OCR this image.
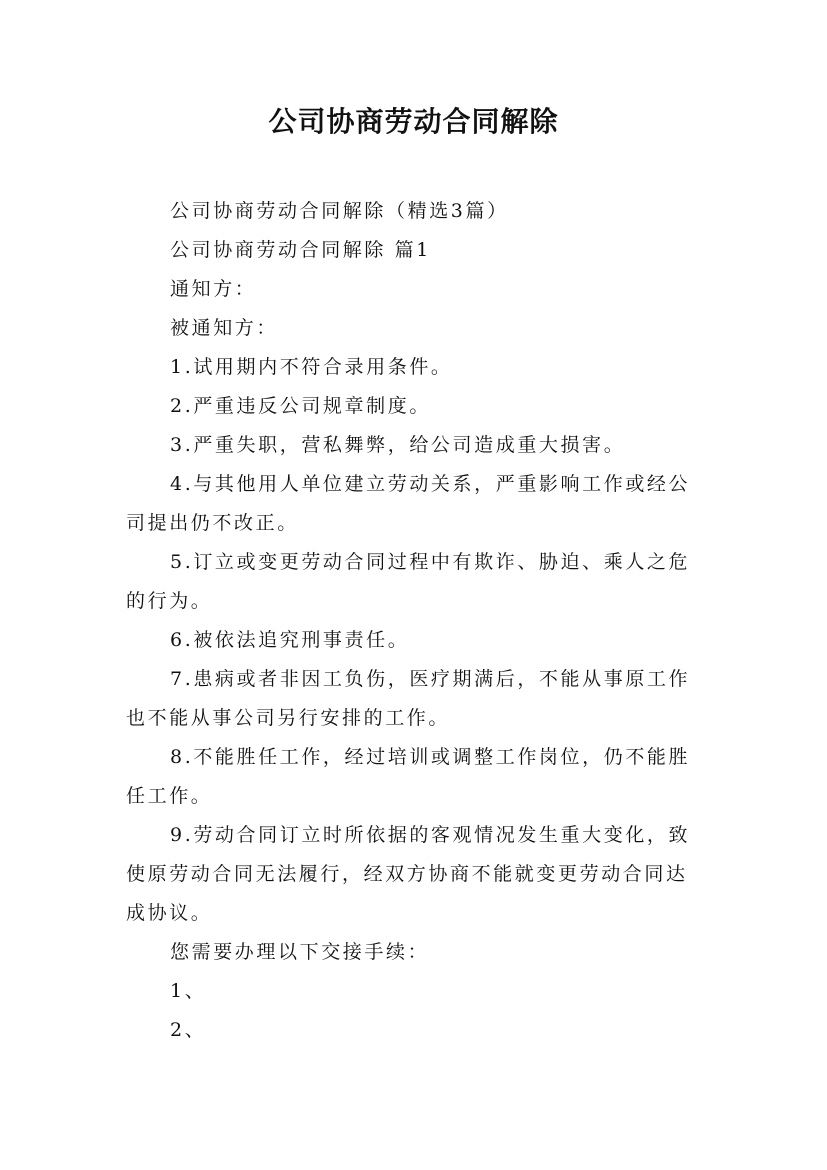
公司协商劳动合同解除

公司协商劳动合同解除（精选3篇）

公司协商劳动合同解除 篇1

通知方：

被通知方：

1.试用期内不符合录用条件。

2.严重违反公司规章制度。

3.严重失职，营私舞弊，给公司造成重大损害。

4.与其他用人单位建立劳动关系，严重影响工作或经公司提出仍不改正。

5.订立或变更劳动合同过程中有欺诈、胁迫、乘人之危的行为。

6.被依法追究刑事责任。

7.患病或者非因工负伤，医疗期满后，不能从事原工作也不能从事公司另行安排的工作。

8.不能胜任工作，经过培训或调整工作岗位，仍不能胜任工作。

9.劳动合同订立时所依据的客观情况发生重大变化，致使原劳动合同无法履行，经双方协商不能就变更劳动合同达成协议。

您需要办理以下交接手续：

1、

2、
